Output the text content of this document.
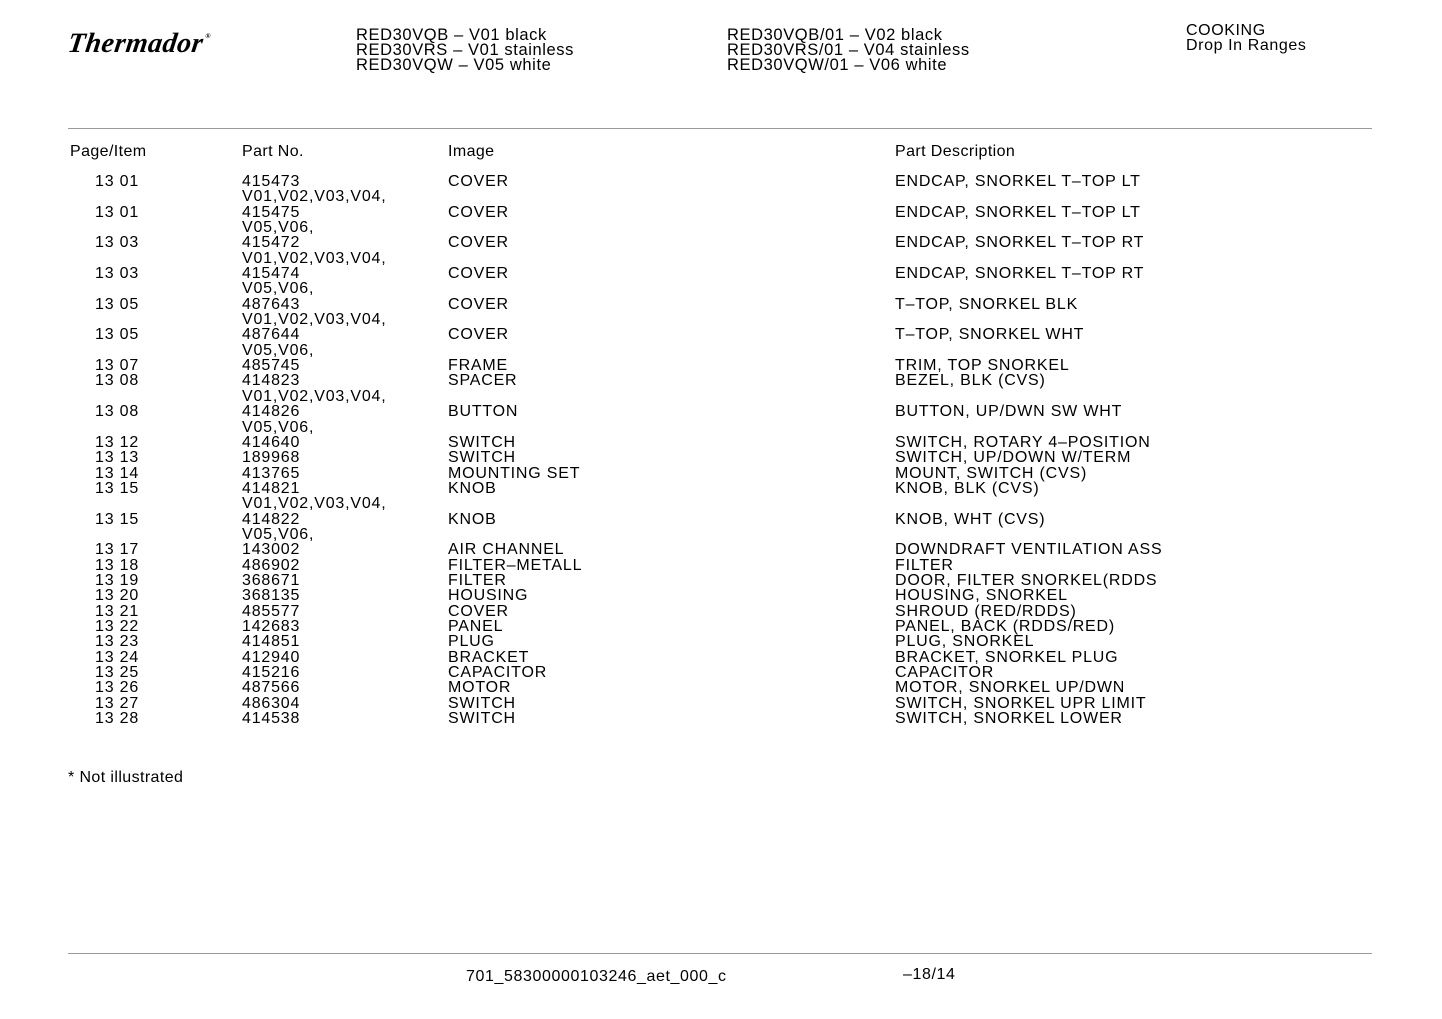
Thermador®	RED30VQB – V01 black
RED30VRS – V01 stainless
RED30VQW – V05 white
RED30VQB/01 – V02 black
RED30VRS/01 – V04 stainless
RED30VQW/01 – V06 white
COOKING
Drop In Ranges
Page/Item	Part No.	Image	Part Description
13 01	415473	COVER	ENDCAP, SNORKEL T–TOP LT
V01,V02,V03,V04,
13 01	415475	COVER	ENDCAP, SNORKEL T–TOP LT
V05,V06,
13 03	415472	COVER	ENDCAP, SNORKEL T–TOP RT
V01,V02,V03,V04,
13 03	415474	COVER	ENDCAP, SNORKEL T–TOP RT
V05,V06,
13 05	487643	COVER	T–TOP, SNORKEL BLK
V01,V02,V03,V04,
13 05	487644	COVER	T–TOP, SNORKEL WHT
V05,V06,
13 07	485745	FRAME	TRIM, TOP SNORKEL
13 08	414823	SPACER	BEZEL, BLK (CVS)
V01,V02,V03,V04,
13 08	414826	BUTTON	BUTTON, UP/DWN SW WHT
V05,V06,
13 12	414640	SWITCH	SWITCH, ROTARY 4–POSITION
13 13	189968	SWITCH	SWITCH, UP/DOWN W/TERM
13 14	413765	MOUNTING SET	MOUNT, SWITCH (CVS)
13 15	414821	KNOB	KNOB, BLK (CVS)
V01,V02,V03,V04,
13 15	414822	KNOB	KNOB, WHT (CVS)
V05,V06,
13 17	143002	AIR CHANNEL	DOWNDRAFT VENTILATION ASS
13 18	486902	FILTER–METALL	FILTER
13 19	368671	FILTER	DOOR, FILTER SNORKEL(RDDS
13 20	368135	HOUSING	HOUSING, SNORKEL
13 21	485577	COVER	SHROUD (RED/RDDS)
13 22	142683	PANEL	PANEL, BACK (RDDS/RED)
13 23	414851	PLUG	PLUG, SNORKEL
13 24	412940	BRACKET	BRACKET, SNORKEL PLUG
13 25	415216	CAPACITOR	CAPACITOR
13 26	487566	MOTOR	MOTOR, SNORKEL UP/DWN
13 27	486304	SWITCH	SWITCH, SNORKEL UPR LIMIT
13 28	414538	SWITCH	SWITCH, SNORKEL LOWER
* Not illustrated
701_58300000103246_aet_000_c	–18/14
